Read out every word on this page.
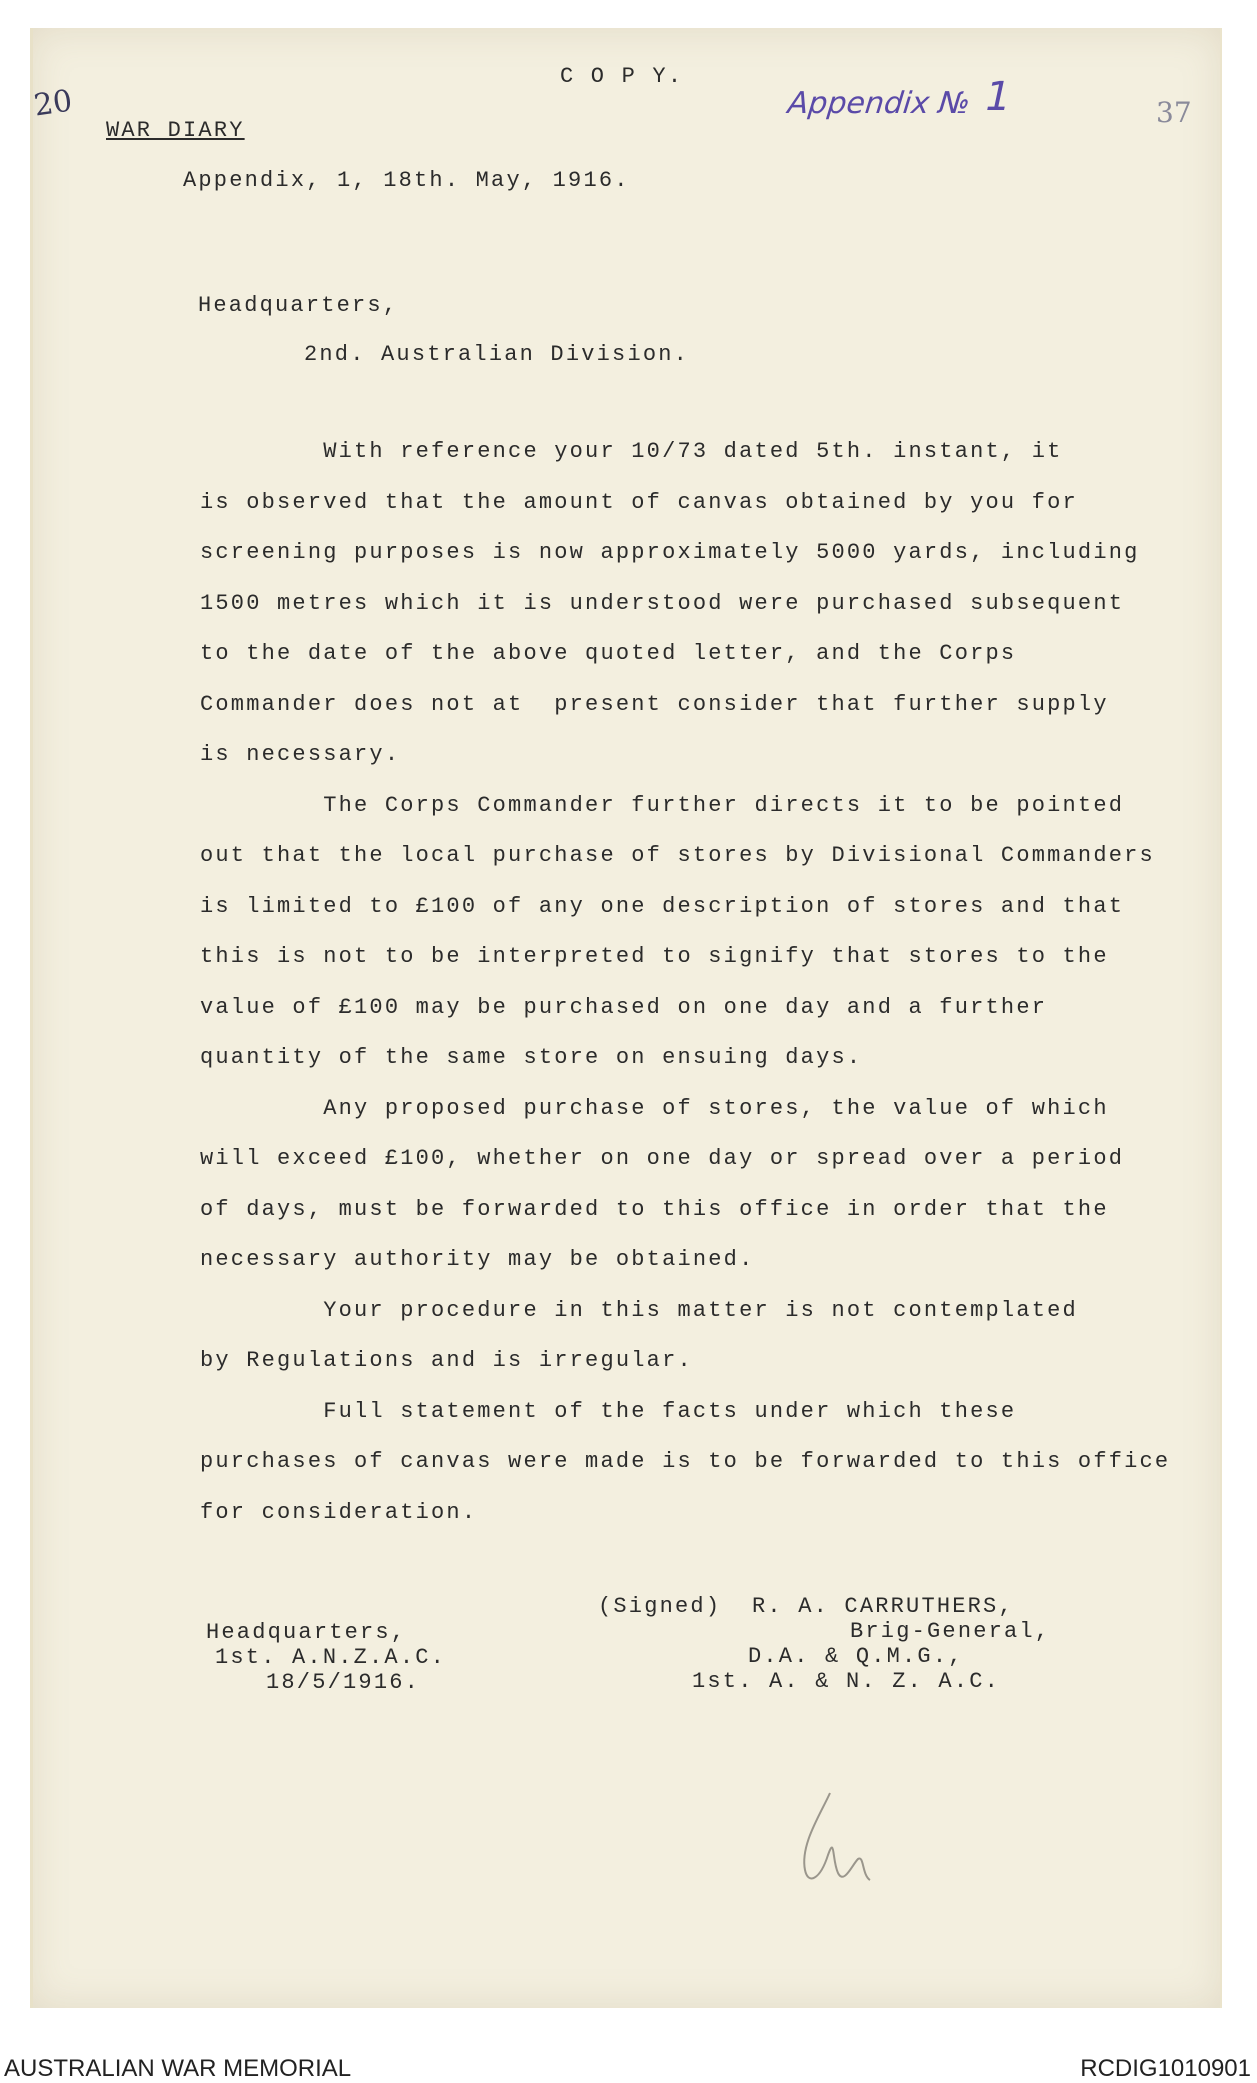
20
C O P Y.
Appendix № 1	37
WAR DIARY
Appendix, 1, 18th. May, 1916.
Headquarters,
2nd. Australian Division.
With reference your 10/73 dated 5th. instant, it
is observed that the amount of canvas obtained by you for
screening purposes is now approximately 5000 yards, including
1500 metres which it is understood were purchased subsequent
to the date of the above quoted letter, and the Corps
Commander does not at  present consider that further supply
is necessary.
The Corps Commander further directs it to be pointed
out that the local purchase of stores by Divisional Commanders
is limited to £100 of any one description of stores and that
this is not to be interpreted to signify that stores to the
value of £100 may be purchased on one day and a further
quantity of the same store on ensuing days.
Any proposed purchase of stores, the value of which
will exceed £100, whether on one day or spread over a period
of days, must be forwarded to this office in order that the
necessary authority may be obtained.
Your procedure in this matter is not contemplated
by Regulations and is irregular.
Full statement of the facts under which these
purchases of canvas were made is to be forwarded to this office
for consideration.
Headquarters,
1st. A.N.Z.A.C.
18/5/1916.
(Signed)  R. A. CARRUTHERS,
Brig-General,
D.A. & Q.M.G.,
1st. A. & N. Z. A.C.
AUSTRALIAN WAR MEMORIAL	RCDIG1010901
